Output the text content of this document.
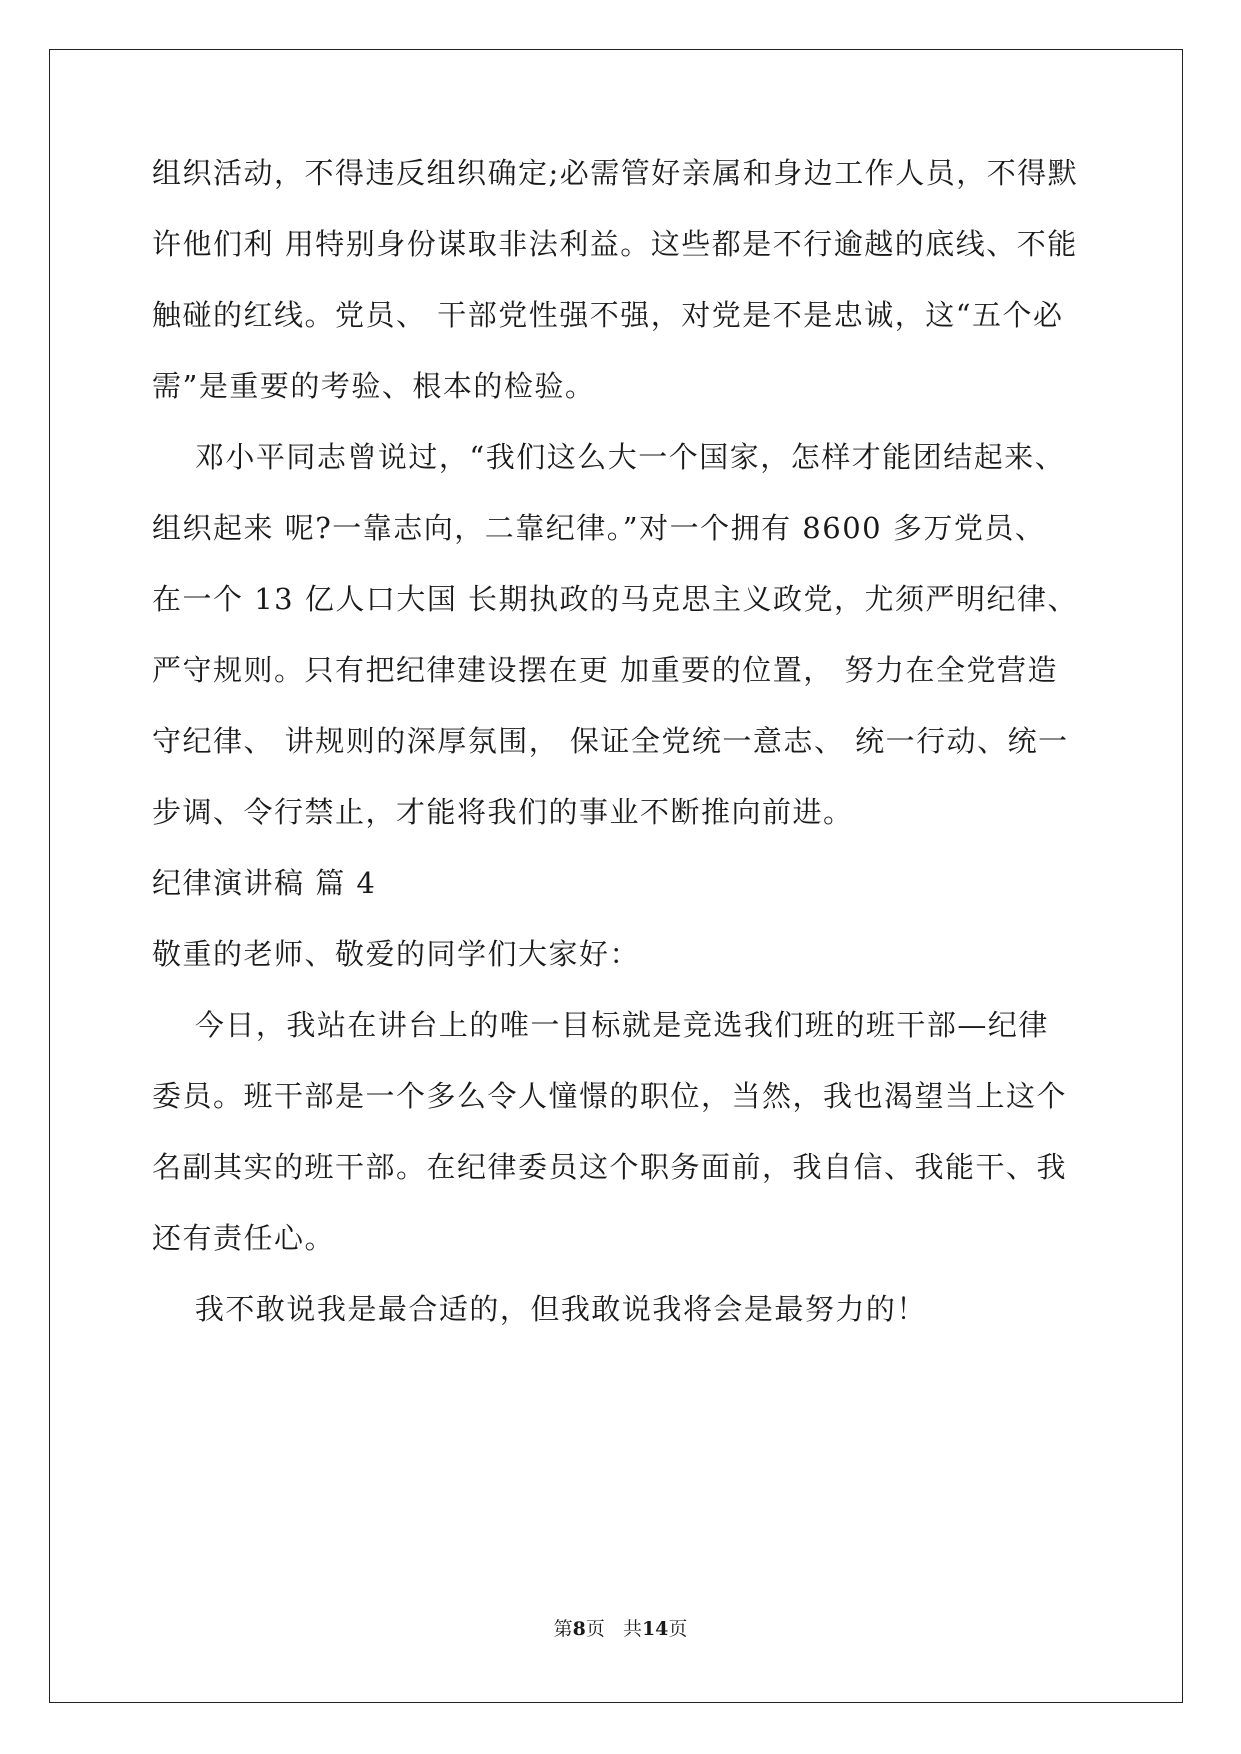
组织活动，不得违反组织确定;必需管好亲属和身边工作人员，不得默
许他们利 用特别身份谋取非法利益。这些都是不行逾越的底线、不能
触碰的红线。党员、 干部党性强不强，对党是不是忠诚，这“五个必
需”是重要的考验、根本的检验。
邓小平同志曾说过，“我们这么大一个国家，怎样才能团结起来、
组织起来 呢?一靠志向，二靠纪律。”对一个拥有 8600 多万党员、
在一个 13 亿人口大国 长期执政的马克思主义政党，尤须严明纪律、
严守规则。只有把纪律建设摆在更 加重要的位置， 努力在全党营造
守纪律、 讲规则的深厚氛围， 保证全党统一意志、 统一行动、统一
步调、令行禁止，才能将我们的事业不断推向前进。
纪律演讲稿 篇 4
敬重的老师、敬爱的同学们大家好：
今日，我站在讲台上的唯一目标就是竞选我们班的班干部—纪律
委员。班干部是一个多么令人憧憬的职位，当然，我也渴望当上这个
名副其实的班干部。在纪律委员这个职务面前，我自信、我能干、我
还有责任心。
我不敢说我是最合适的，但我敢说我将会是最努力的！
第8页   共14页
